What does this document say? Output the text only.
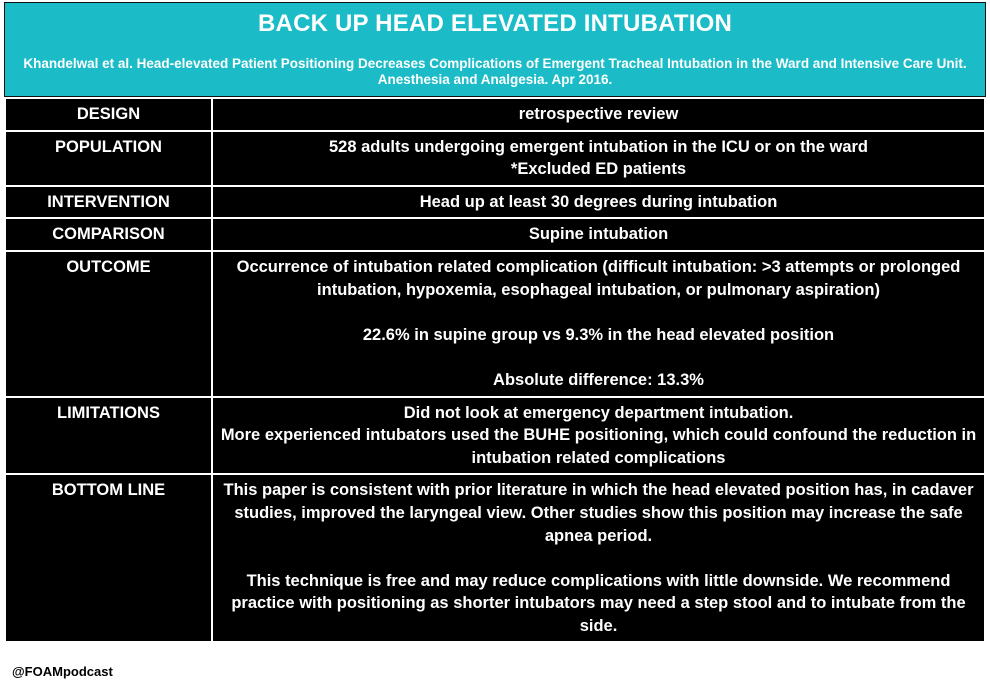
BACK UP HEAD ELEVATED INTUBATION
Khandelwal et al. Head-elevated Patient Positioning Decreases Complications of Emergent Tracheal Intubation in the Ward and Intensive Care Unit. Anesthesia and Analgesia. Apr 2016.
DESIGN	retrospective review

POPULATION	528 adults undergoing emergent intubation in the ICU or on the ward
*Excluded ED patients

INTERVENTION	Head up at least 30 degrees during intubation

COMPARISON	Supine intubation

OUTCOME	Occurrence of intubation related complication (difficult intubation: >3 attempts or prolonged intubation, hypoxemia, esophageal intubation, or pulmonary aspiration)
22.6% in supine group vs 9.3% in the head elevated position
Absolute difference: 13.3%

LIMITATIONS	Did not look at emergency department intubation.
More experienced intubators used the BUHE positioning, which could confound the reduction in intubation related complications

BOTTOM LINE	This paper is consistent with prior literature in which the head elevated position has, in cadaver studies, improved the laryngeal view. Other studies show this position may increase the safe apnea period.
This technique is free and may reduce complications with little downside. We recommend practice with positioning as shorter intubators may need a step stool and to intubate from the side.
@FOAMpodcast
